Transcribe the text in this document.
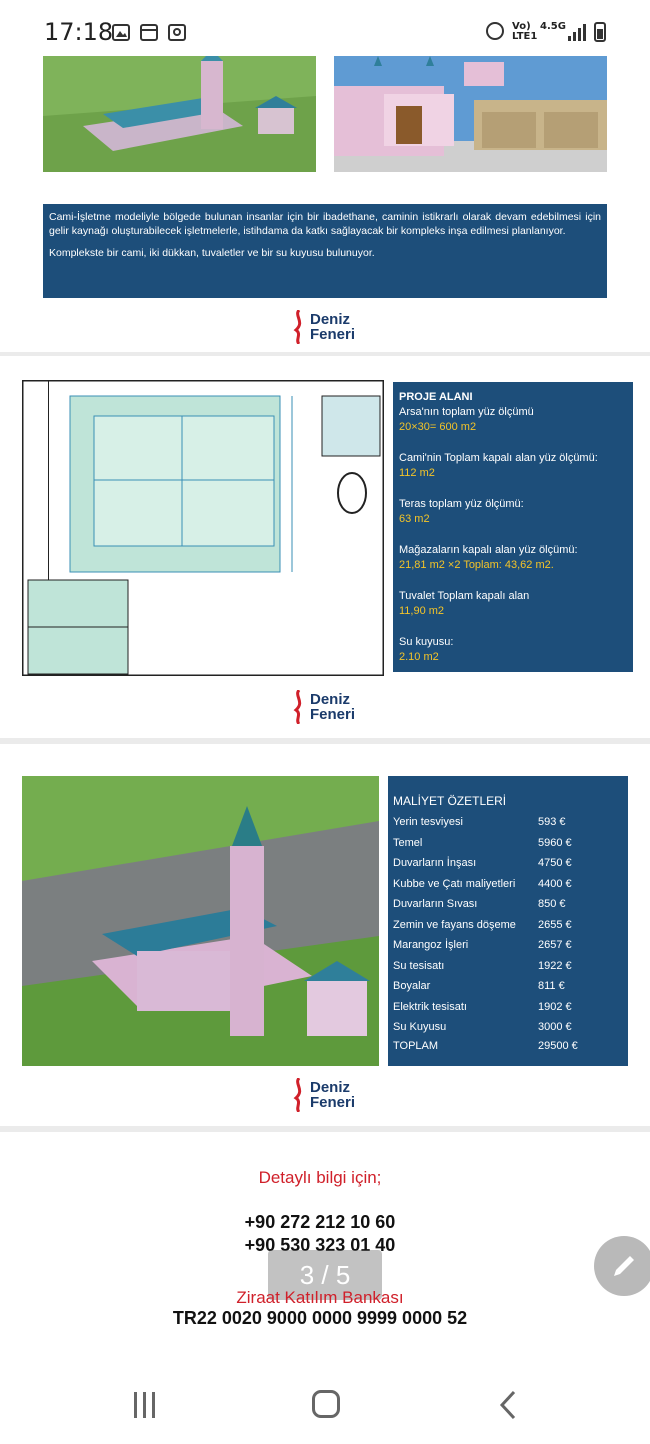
17:18	Vo)
LTE1
4.5G
Cami-İşletme modeliyle bölgede bulunan insanlar için bir ibadethane, caminin istikrarlı olarak devam edebilmesi için gelir kaynağı oluşturabilecek işletmelerle, istihdama da katkı sağlayacak bir kompleks inşa edilmesi planlanıyor.
Komplekste bir cami, iki dükkan, tuvaletler ve bir su kuyusu bulunuyor.
Deniz
Feneri
PROJE ALANI
Arsa'nın toplam yüz ölçümü
20×30= 600 m2
Cami'nin Toplam kapalı alan yüz ölçümü:
112 m2
Teras toplam yüz ölçümü:
63 m2
Mağazaların kapalı alan yüz ölçümü:
21,81 m2 ×2 Toplam: 43,62 m2.
Tuvalet Toplam kapalı alan
11,90 m2
Su kuyusu:
2.10 m2
Deniz
Feneri
MALİYET ÖZETLERİ
Yerin tesviyesi	593 €
Temel	5960 €
Duvarların İnşası	4750 €
Kubbe ve Çatı maliyetleri 4400 €
Duvarların Sıvası	850 €
Zemin ve fayans döşeme 2655 €
Marangoz İşleri	2657 €
Su tesisatı	1922 €
Boyalar	811 €
Elektrik tesisatı	1902 €
Su Kuyusu	3000 €
TOPLAM	29500 €
Deniz
Feneri
Detaylı bilgi için;
+90 272 212 10 60
+90 530 323 01 40
3 / 5
Ziraat Katılım Bankası
TR22 0020 9000 0000 9999 0000 52
